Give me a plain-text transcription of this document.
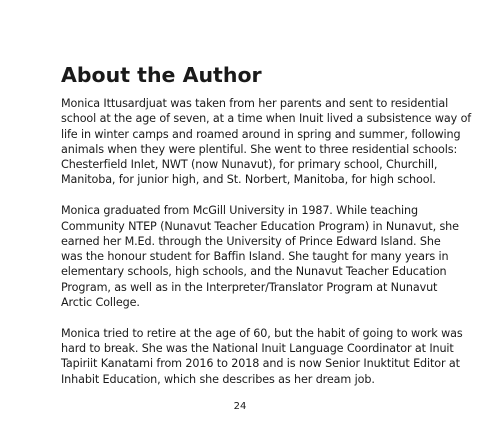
About the Author

Monica Ittusardjuat was taken from her parents and sent to residential
school at the age of seven, at a time when Inuit lived a subsistence way of
life in winter camps and roamed around in spring and summer, following
animals when they were plentiful. She went to three residential schools:
Chesterfield Inlet, NWT (now Nunavut), for primary school, Churchill,
Manitoba, for junior high, and St. Norbert, Manitoba, for high school.

Monica graduated from McGill University in 1987. While teaching
Community NTEP (Nunavut Teacher Education Program) in Nunavut, she
earned her M.Ed. through the University of Prince Edward Island. She
was the honour student for Baffin Island. She taught for many years in
elementary schools, high schools, and the Nunavut Teacher Education
Program, as well as in the Interpreter/Translator Program at Nunavut
Arctic College.

Monica tried to retire at the age of 60, but the habit of going to work was
hard to break. She was the National Inuit Language Coordinator at Inuit
Tapiriit Kanatami from 2016 to 2018 and is now Senior Inuktitut Editor at
Inhabit Education, which she describes as her dream job.

24
